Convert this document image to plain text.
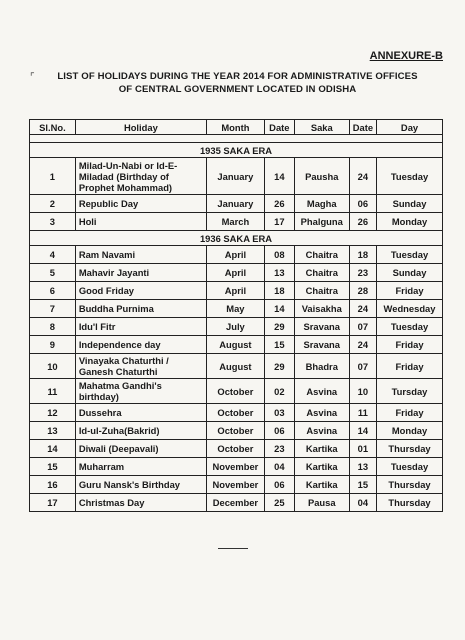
ANNEXURE-B
⌜	LIST OF HOLIDAYS DURING THE YEAR 2014 FOR ADMINISTRATIVE OFFICES
OF CENTRAL GOVERNMENT LOCATED IN ODISHA
Sl.No.	Holiday	Month	Date	Saka	Date	Day

1935 SAKA ERA						
1	Milad-Un-Nabi or Id-E-Miladad (Birthday of Prophet Mohammad)	January	14	Pausha	24	Tuesday
2	Republic Day	January	26	Magha	06	Sunday
3	Holi	March	17	Phalguna	26	Monday
1936 SAKA ERA						
4	Ram Navami	April	08	Chaitra	18	Tuesday
5	Mahavir Jayanti	April	13	Chaitra	23	Sunday
6	Good Friday	April	18	Chaitra	28	Friday
7	Buddha Purnima	May	14	Vaisakha	24	Wednesday
8	Idu'l Fitr	July	29	Sravana	07	Tuesday
9	Independence day	August	15	Sravana	24	Friday
10	Vinayaka Chaturthi / Ganesh Chaturthi	August	29	Bhadra	07	Friday
11	Mahatma Gandhi's birthday)	October	02	Asvina	10	Tursday
12	Dussehra	October	03	Asvina	11	Friday
13	Id-ul-Zuha(Bakrid)	October	06	Asvina	14	Monday
14	Diwali (Deepavali)	October	23	Kartika	01	Thursday
15	Muharram	November	04	Kartika	13	Tuesday
16	Guru Nansk's Birthday	November	06	Kartika	15	Thursday
17	Christmas Day	December	25	Pausa	04	Thursday
